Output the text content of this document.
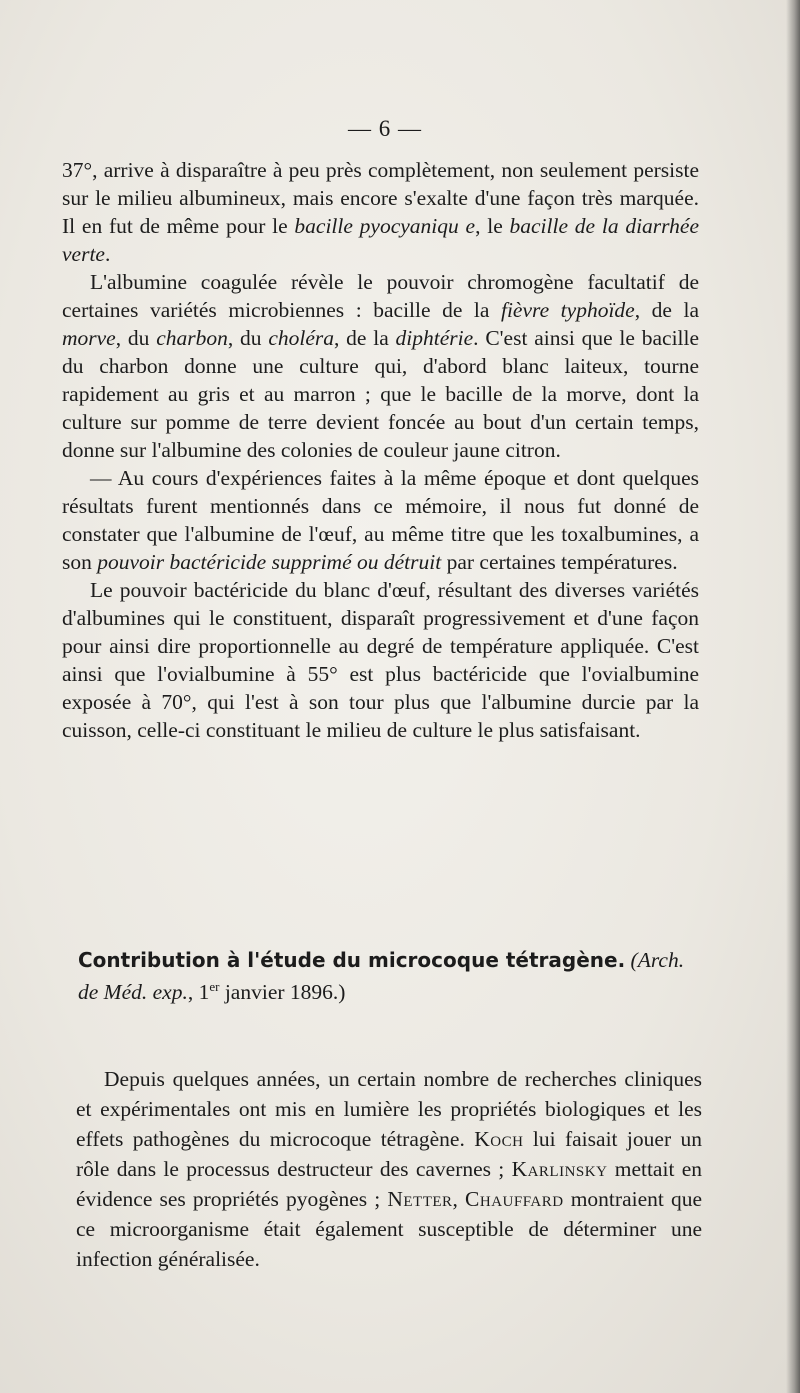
— 6 —

37°, arrive à disparaître à peu près complètement, non seulement persiste sur le milieu albumineux, mais encore s'exalte d'une façon très marquée. Il en fut de même pour le bacille pyocyaniqu e, le bacille de la diarrhée verte.

L'albumine coagulée révèle le pouvoir chromogène facultatif de certaines variétés microbiennes : bacille de la fièvre typhoïde, de la morve, du charbon, du choléra, de la diphtérie. C'est ainsi que le bacille du charbon donne une culture qui, d'abord blanc laiteux, tourne rapidement au gris et au marron ; que le bacille de la morve, dont la culture sur pomme de terre devient foncée au bout d'un certain temps, donne sur l'albumine des colonies de couleur jaune citron.

— Au cours d'expériences faites à la même époque et dont quelques résultats furent mentionnés dans ce mémoire, il nous fut donné de constater que l'albumine de l'œuf, au même titre que les toxalbumines, a son pouvoir bactéricide supprimé ou détruit par certaines températures.

Le pouvoir bactéricide du blanc d'œuf, résultant des diverses variétés d'albumines qui le constituent, disparaît progressivement et d'une façon pour ainsi dire proportionnelle au degré de température appliquée. C'est ainsi que l'ovialbumine à 55° est plus bactéricide que l'ovialbumine exposée à 70°, qui l'est à son tour plus que l'albumine durcie par la cuisson, celle-ci constituant le milieu de culture le plus satisfaisant.

Contribution à l'étude du microcoque tétragène. (Arch. de Méd. exp., 1er janvier 1896.)

Depuis quelques années, un certain nombre de recherches cliniques et expérimentales ont mis en lumière les propriétés biologiques et les effets pathogènes du microcoque tétragène. Koch lui faisait jouer un rôle dans le processus destructeur des cavernes ; Karlinsky mettait en évidence ses propriétés pyogènes ; Netter, Chauffard montraient que ce microorganisme était également susceptible de déterminer une infection généralisée.
